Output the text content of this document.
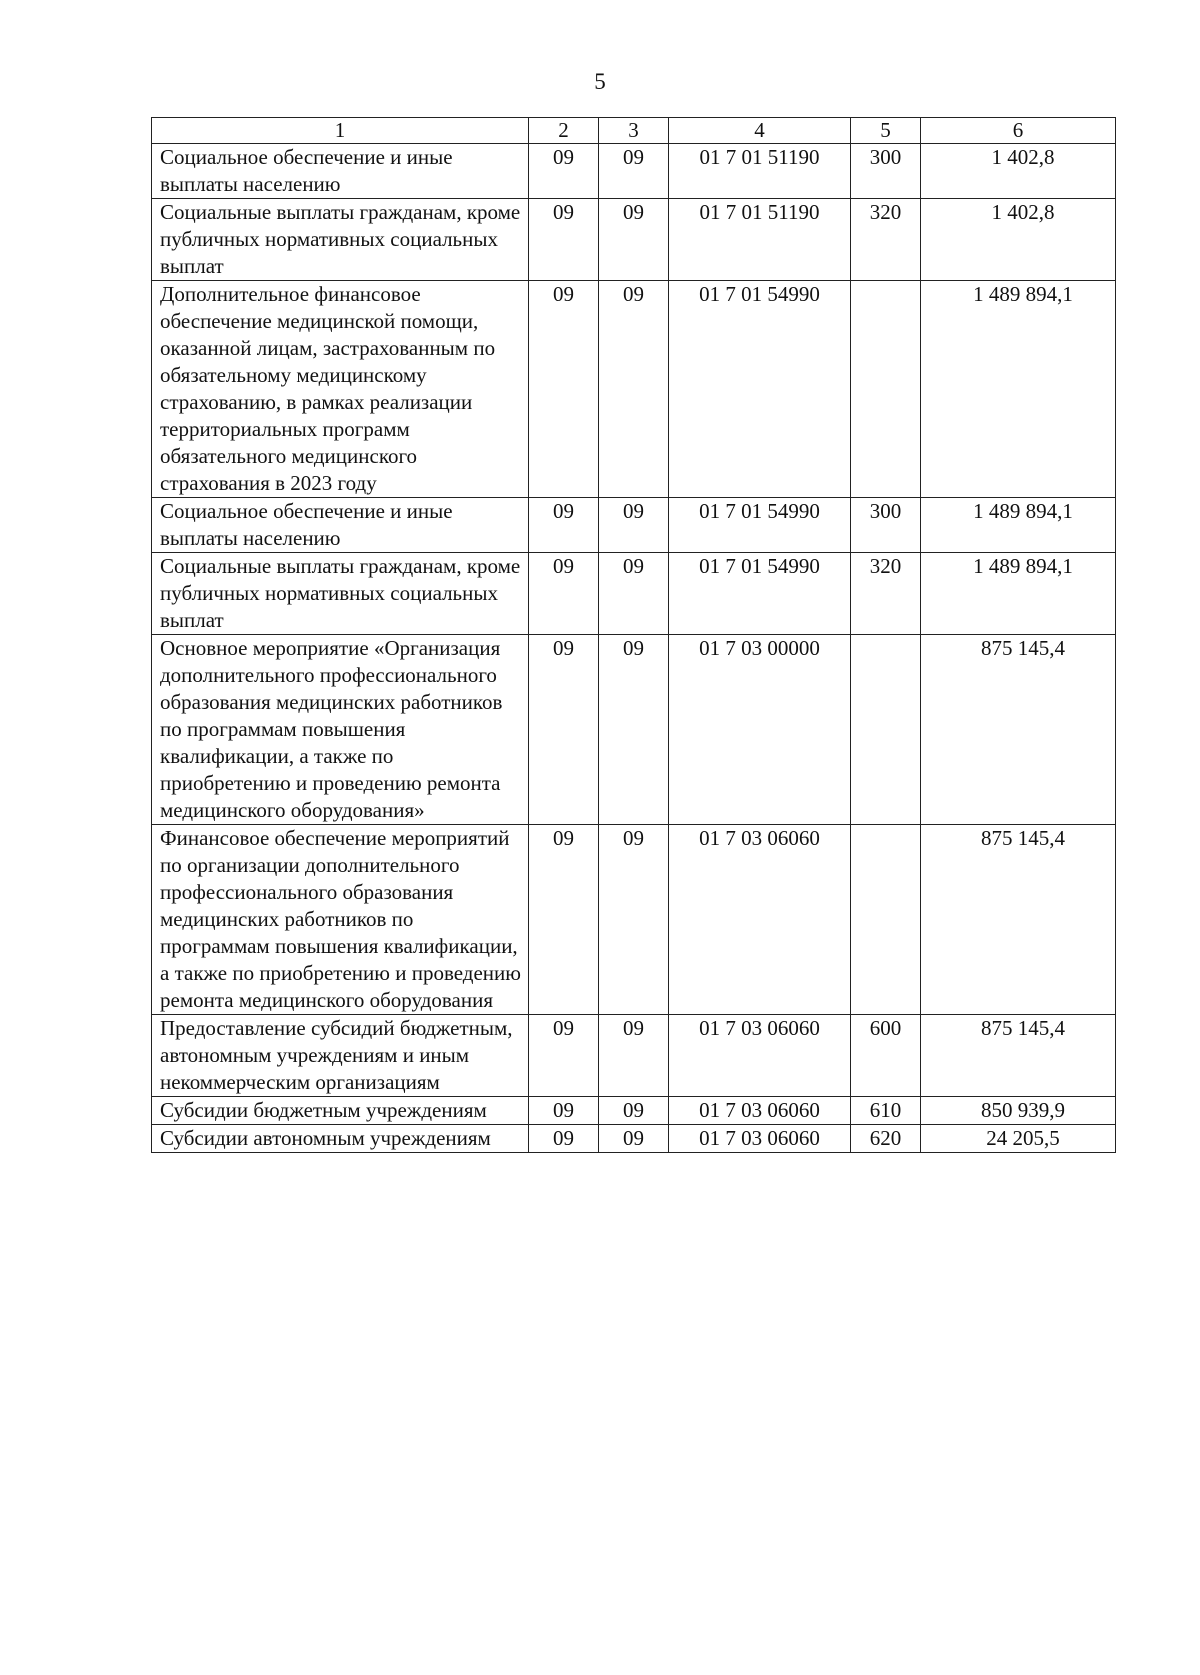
5
1	2	3	4	5	6
Социальное обеспечение и иные выплаты населению	09	09	01 7 01 51190	300	1 402,8
Социальные выплаты гражданам, кроме публичных нормативных социальных выплат	09	09	01 7 01 51190	320	1 402,8
Дополнительное финансовое обеспечение медицинской помощи, оказанной лицам, застрахованным по обязательному медицинскому страхованию, в рамках реализации территориальных программ обязательного медицинского страхования в 2023 году	09	09	01 7 01 54990		1 489 894,1
Социальное обеспечение и иные выплаты населению	09	09	01 7 01 54990	300	1 489 894,1
Социальные выплаты гражданам, кроме публичных нормативных социальных выплат	09	09	01 7 01 54990	320	1 489 894,1
Основное мероприятие «Организация дополнительного профессионального образования медицинских работников по программам повышения квалификации, а также по приобретению и проведению ремонта медицинского оборудования»	09	09	01 7 03 00000		875 145,4
Финансовое обеспечение мероприятий по организации дополнительного профессионального образования медицинских работников по программам повышения квалификации, а также по приобретению и проведению ремонта медицинского оборудования	09	09	01 7 03 06060		875 145,4
Предоставление субсидий бюджетным, автономным учреждениям и иным некоммерческим организациям	09	09	01 7 03 06060	600	875 145,4
Субсидии бюджетным учреждениям	09	09	01 7 03 06060	610	850 939,9
Субсидии автономным учреждениям	09	09	01 7 03 06060	620	24 205,5
